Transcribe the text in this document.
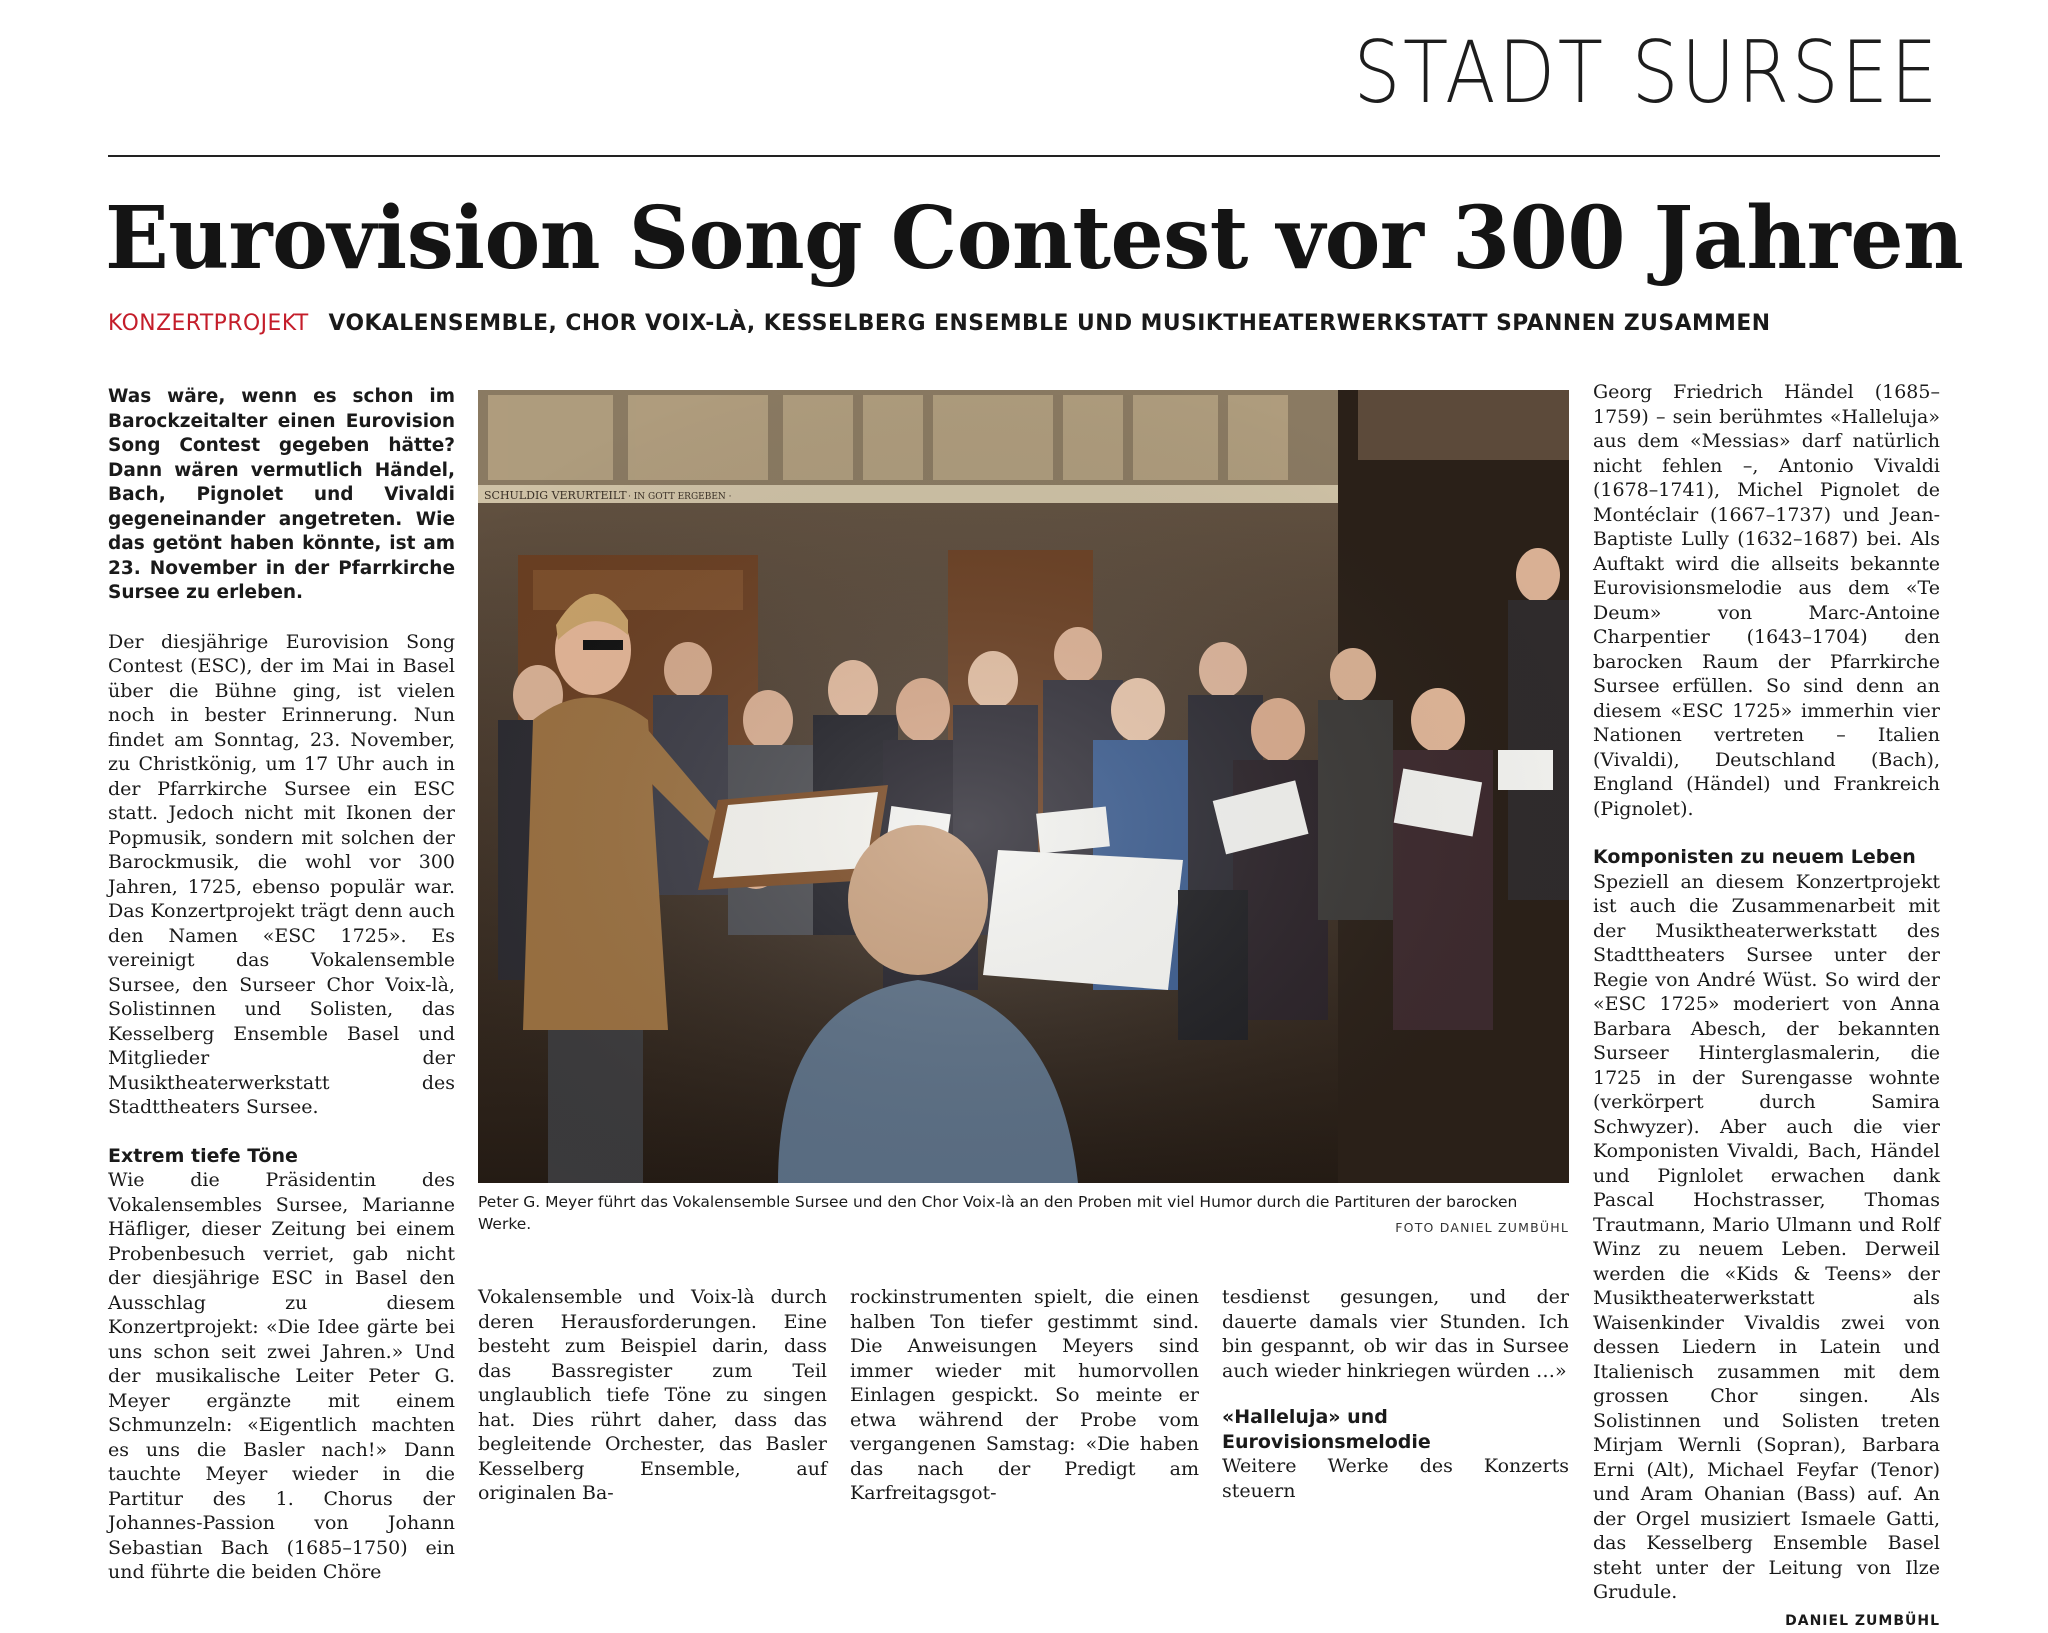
STADT SURSEE
Eurovision Song Contest vor 300 Jahren
KONZERTPROJEKT VOKALENSEMBLE, CHOR VOIX-LÀ, KESSELBERG ENSEMBLE UND MUSIKTHEATERWERKSTATT SPANNEN ZUSAMMEN

Was wäre, wenn es schon im Barockzeitalter einen Eurovision Song Contest gegeben hätte? Dann wären vermutlich Händel, Bach, Pignolet und Vivaldi gegeneinander angetreten. Wie das getönt haben könnte, ist am 23. November in der Pfarrkirche Sursee zu erleben.

Der diesjährige Eurovision Song Contest (ESC), der im Mai in Basel über die Bühne ging, ist vielen noch in bester Erinnerung. Nun findet am Sonntag, 23. November, zu Christkönig, um 17 Uhr auch in der Pfarrkirche Sursee ein ESC statt. Jedoch nicht mit Ikonen der Popmusik, sondern mit solchen der Barockmusik, die wohl vor 300 Jahren, 1725, ebenso populär war. Das Konzertprojekt trägt denn auch den Namen «ESC 1725». Es vereinigt das Vokalensemble Sursee, den Surseer Chor Voix-là, Solistinnen und Solisten, das Kesselberg Ensemble Basel und Mitglieder der Musiktheaterwerkstatt des Stadttheaters Sursee.

Extrem tiefe Töne

Wie die Präsidentin des Vokalensembles Sursee, Marianne Häfliger, dieser Zeitung bei einem Probenbesuch verriet, gab nicht der diesjährige ESC in Basel den Ausschlag zu diesem Konzertprojekt: «Die Idee gärte bei uns schon seit zwei Jahren.» Und der musikalische Leiter Peter G. Meyer ergänzte mit einem Schmunzeln: «Eigentlich machten es uns die Basler nach!» Dann tauchte Meyer wieder in die Partitur des 1. Chorus der Johannes-Passion von Johann Sebastian Bach (1685–1750) ein und führte die beiden Chöre

Peter G. Meyer führt das Vokalensemble Sursee und den Chor Voix-là an den Proben mit viel Humor durch die Partituren der barocken Werke.	FOTO DANIEL ZUMBÜHL

Vokalensemble und Voix-là durch deren Herausforderungen. Eine besteht zum Beispiel darin, dass das Bassregister zum Teil unglaublich tiefe Töne zu singen hat. Dies rührt daher, dass das begleitende Orchester, das Basler Kesselberg Ensemble, auf originalen Ba-

rockinstrumenten spielt, die einen halben Ton tiefer gestimmt sind. Die Anweisungen Meyers sind immer wieder mit humorvollen Einlagen gespickt. So meinte er etwa während der Probe vom vergangenen Samstag: «Die haben das nach der Predigt am Karfreitagsgot-

tesdienst gesungen, und der dauerte damals vier Stunden. Ich bin gespannt, ob wir das in Sursee auch wieder hinkriegen würden …»

«Halleluja» und Eurovisionsmelodie

Weitere Werke des Konzerts steuern

Georg Friedrich Händel (1685–1759) – sein berühmtes «Halleluja» aus dem «Messias» darf natürlich nicht fehlen –, Antonio Vivaldi (1678–1741), Michel Pignolet de Montéclair (1667–1737) und Jean-Baptiste Lully (1632–1687) bei. Als Auftakt wird die allseits bekannte Eurovisionsmelodie aus dem «Te Deum» von Marc-Antoine Charpentier (1643–1704) den barocken Raum der Pfarrkirche Sursee erfüllen. So sind denn an diesem «ESC 1725» immerhin vier Nationen vertreten – Italien (Vivaldi), Deutschland (Bach), England (Händel) und Frankreich (Pignolet).

Komponisten zu neuem Leben

Speziell an diesem Konzertprojekt ist auch die Zusammenarbeit mit der Musiktheaterwerkstatt des Stadttheaters Sursee unter der Regie von André Wüst. So wird der «ESC 1725» moderiert von Anna Barbara Abesch, der bekannten Surseer Hinterglasmalerin, die 1725 in der Surengasse wohnte (verkörpert durch Samira Schwyzer). Aber auch die vier Komponisten Vivaldi, Bach, Händel und Pignlolet erwachen dank Pascal Hochstrasser, Thomas Trautmann, Mario Ulmann und Rolf Winz zu neuem Leben. Derweil werden die «Kids & Teens» der Musiktheaterwerkstatt als Waisenkinder Vivaldis zwei von dessen Liedern in Latein und Italienisch zusammen mit dem grossen Chor singen. Als Solistinnen und Solisten treten Mirjam Wernli (Sopran), Barbara Erni (Alt), Michael Feyfar (Tenor) und Aram Ohanian (Bass) auf. An der Orgel musiziert Ismaele Gatti, das Kesselberg Ensemble Basel steht unter der Leitung von Ilze Grudule.

DANIEL ZUMBÜHL
